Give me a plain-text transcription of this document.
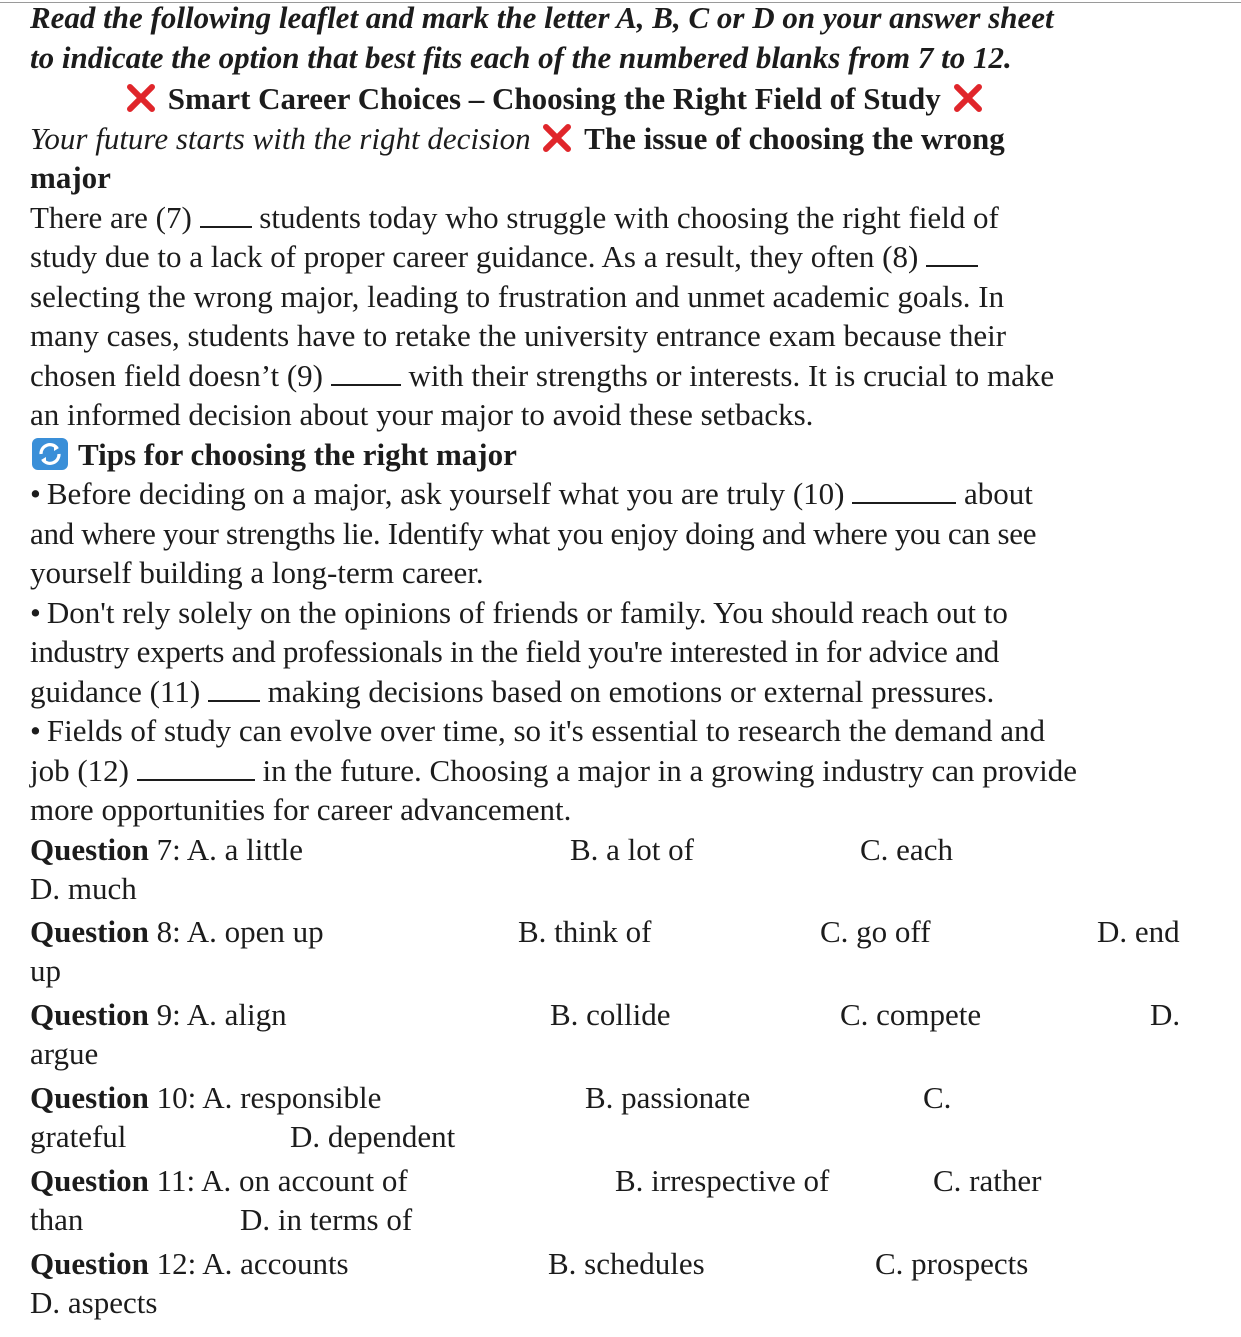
Read the following leaflet and mark the letter A, B, C or D on your answer sheet
to indicate the option that best fits each of the numbered blanks from 7 to 12.
Smart Career Choices – Choosing the Right Field of Study
Your future starts with the right decision The issue of choosing the wrong
major
There are (7)  students today who struggle with choosing the right field of
study due to a lack of proper career guidance. As a result, they often (8)
selecting the wrong major, leading to frustration and unmet academic goals. In
many cases, students have to retake the university entrance exam because their
chosen field doesn’t (9)  with their strengths or interests. It is crucial to make
an informed decision about your major to avoid these setbacks.
Tips for choosing the right major
• Before deciding on a major, ask yourself what you are truly (10)	about
and where your strengths lie. Identify what you enjoy doing and where you can see
yourself building a long-term career.
• Don't rely solely on the opinions of friends or family. You should reach out to
industry experts and professionals in the field you're interested in for advice and
guidance (11)  making decisions based on emotions or external pressures.
• Fields of study can evolve over time, so it's essential to research the demand and
job (12)	in the future. Choosing a major in a growing industry can provide
more opportunities for career advancement.
Question 7: A. a little	B. a lot of	C. each
D. much
Question 8: A. open up	B. think of	C. go off	D. end
up
Question 9: A. align	B. collide	C. compete	D.
argue
Question 10: A. responsible	B. passionate	C.
grateful	D. dependent
Question 11: A. on account of	B. irrespective of	C. rather
than	D. in terms of
Question 12: A. accounts	B. schedules	C. prospects
D. aspects
